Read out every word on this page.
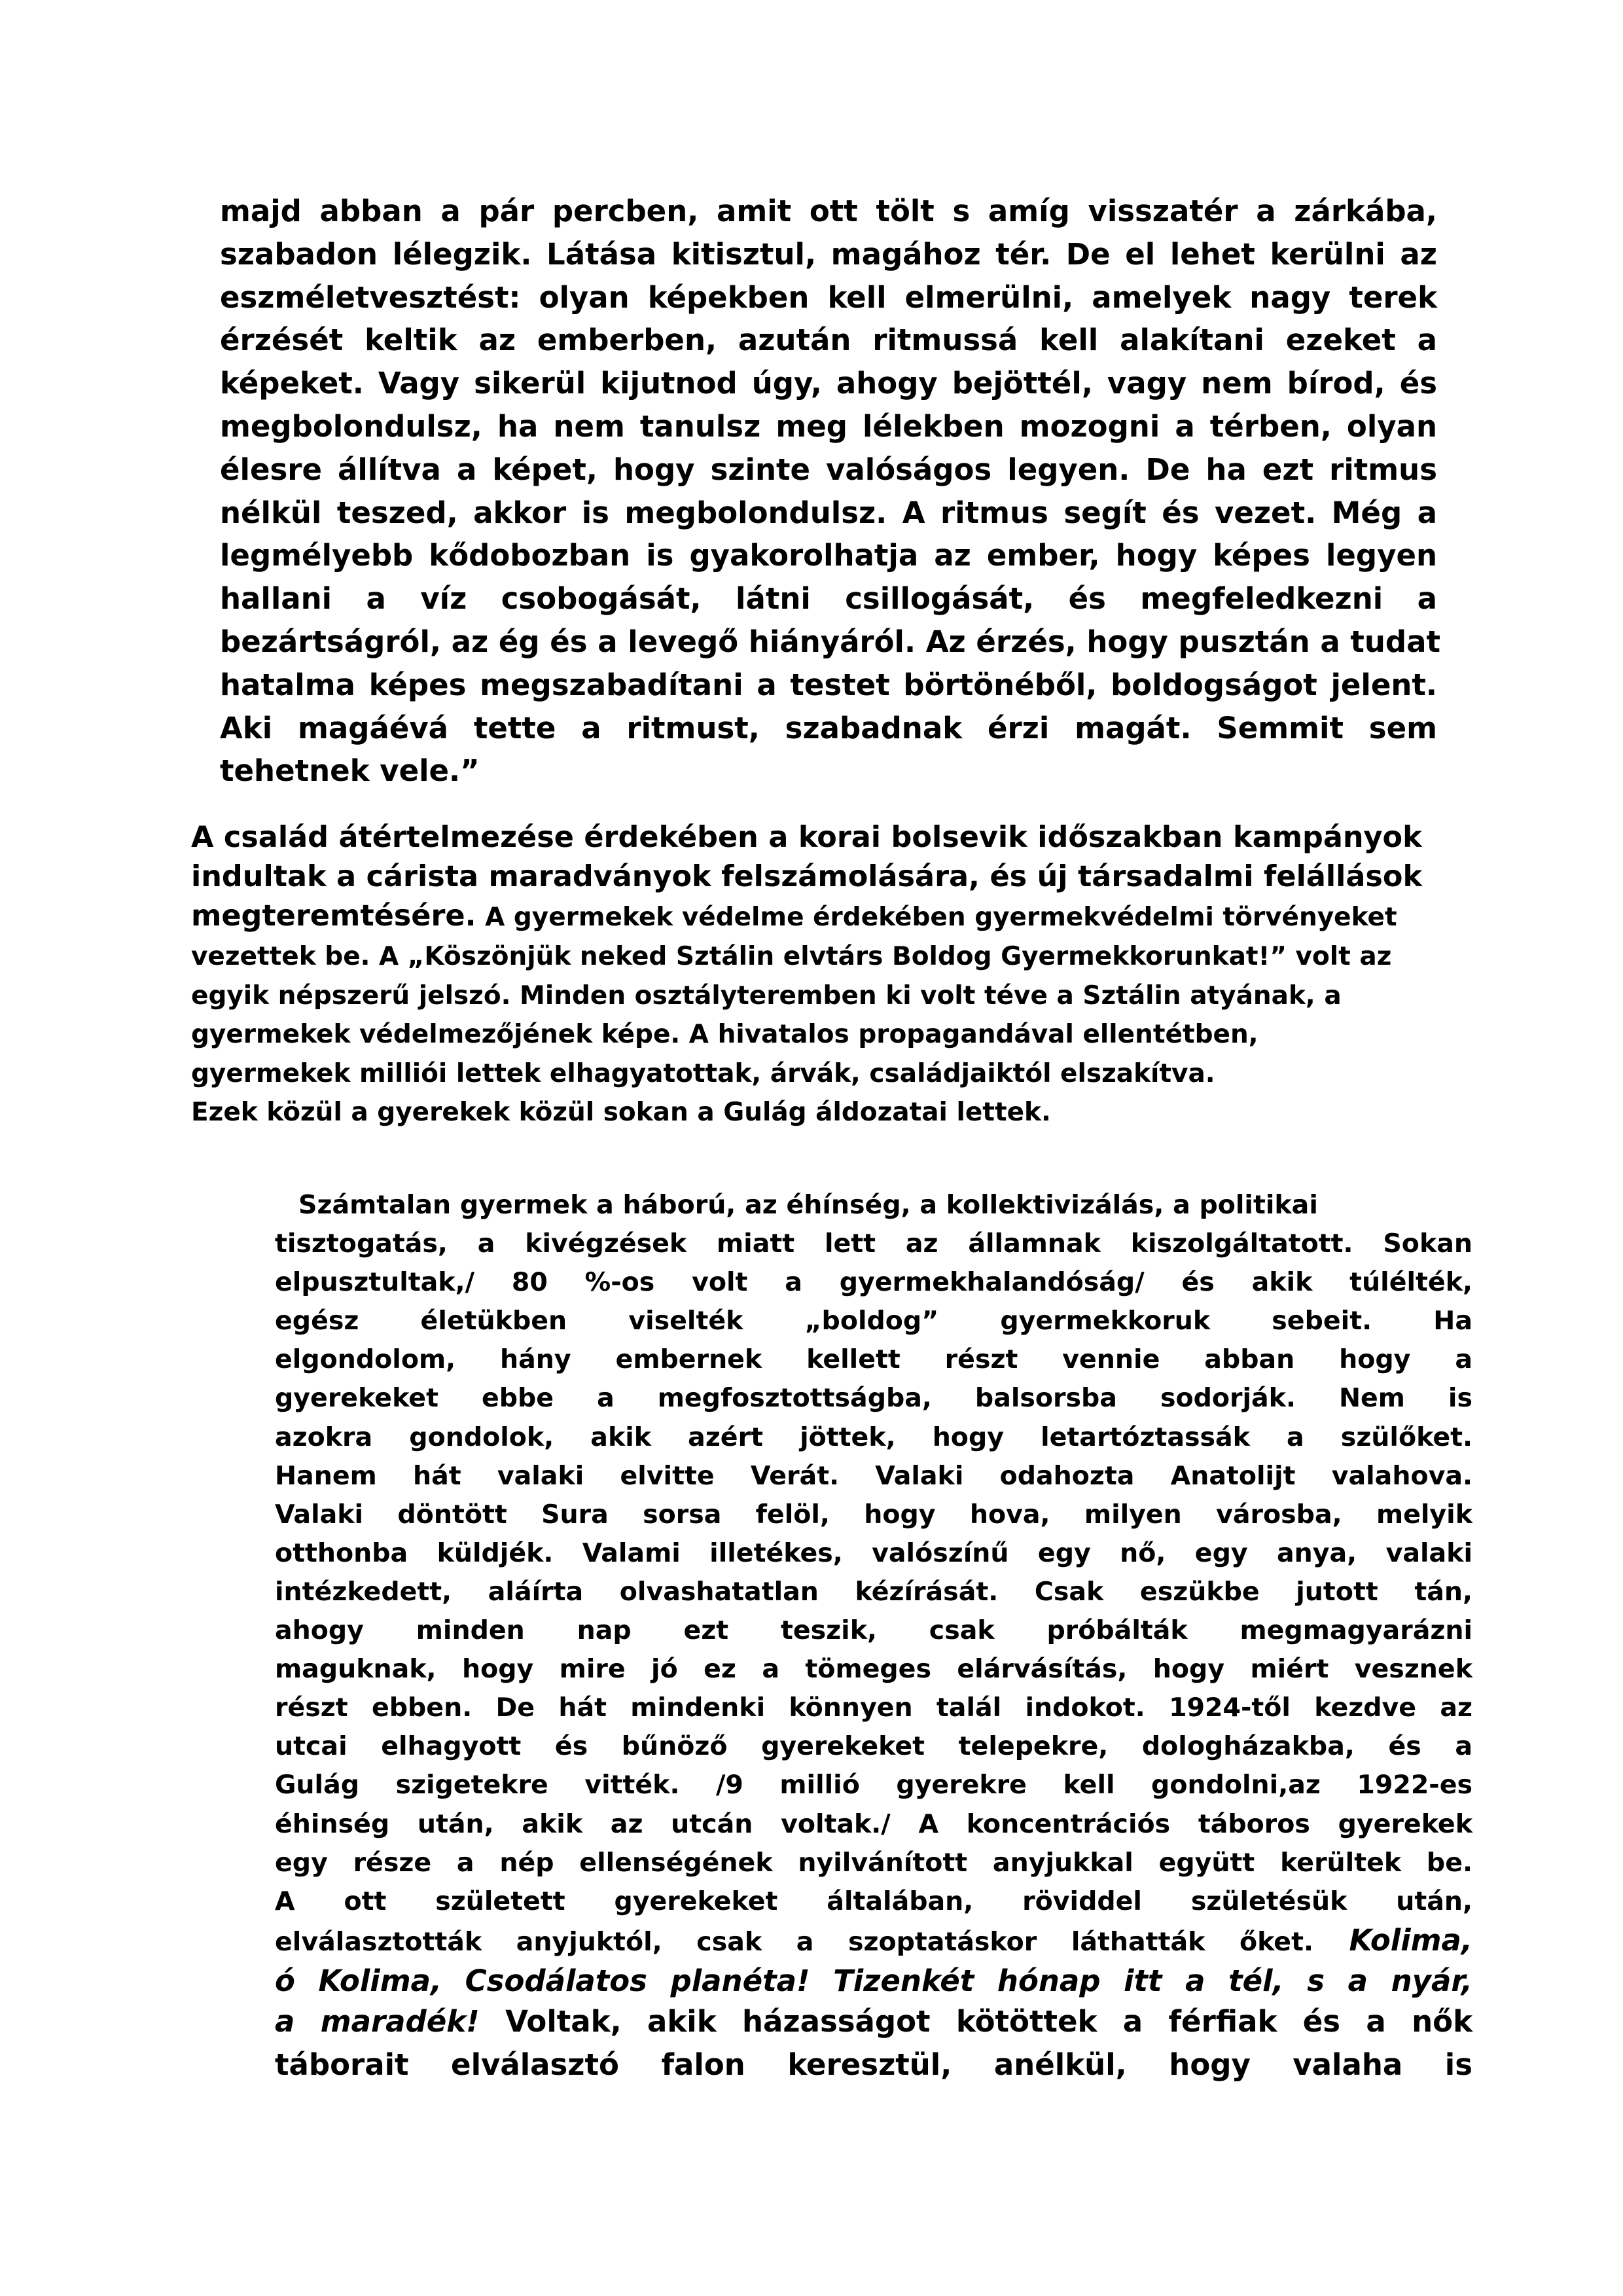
majd abban a pár percben, amit ott tölt s amíg visszatér a zárkába,
szabadon lélegzik. Látása kitisztul, magához tér. De el lehet kerülni az
eszméletvesztést: olyan képekben kell elmerülni, amelyek nagy terek
érzését keltik az emberben, azután ritmussá kell alakítani ezeket a
képeket. Vagy sikerül kijutnod úgy, ahogy bejöttél, vagy nem bírod, és
megbolondulsz, ha nem tanulsz meg lélekben mozogni a térben, olyan
élesre állítva a képet, hogy szinte valóságos legyen. De ha ezt ritmus
nélkül teszed, akkor is megbolondulsz. A ritmus segít és vezet. Még a
legmélyebb kődobozban is gyakorolhatja az ember, hogy képes legyen
hallani a víz csobogását, látni csillogását, és megfeledkezni a
bezártságról, az ég és a levegő hiányáról. Az érzés, hogy pusztán a tudat
hatalma képes megszabadítani a testet börtönéből, boldogságot jelent.
Aki magáévá tette a ritmust, szabadnak érzi magát. Semmit sem
tehetnek vele.”
A család átértelmezése érdekében a korai bolsevik időszakban kampányok
indultak a cárista maradványok felszámolására, és új társadalmi felállások
megteremtésére. A gyermekek védelme érdekében gyermekvédelmi törvényeket
vezettek be. A „Köszönjük neked Sztálin elvtárs Boldog Gyermekkorunkat!” volt az
egyik népszerű jelszó. Minden osztályteremben ki volt téve a Sztálin atyának, a
gyermekek védelmezőjének képe. A hivatalos propagandával ellentétben,
gyermekek milliói lettek elhagyatottak, árvák, családjaiktól elszakítva.
Ezek közül a gyerekek közül sokan a Gulág áldozatai lettek.
Számtalan gyermek a háború, az éhínség, a kollektivizálás, a politikai
tisztogatás, a kivégzések miatt lett az államnak kiszolgáltatott. Sokan
elpusztultak,/ 80 %-os volt a gyermekhalandóság/ és akik túlélték,
egész életükben viselték „boldog” gyermekkoruk sebeit. Ha
elgondolom, hány embernek kellett részt vennie abban hogy a
gyerekeket ebbe a megfosztottságba, balsorsba sodorják. Nem is
azokra gondolok, akik azért jöttek, hogy letartóztassák a szülőket.
Hanem hát valaki elvitte Verát. Valaki odahozta Anatolijt valahova.
Valaki döntött Sura sorsa felöl, hogy hova, milyen városba, melyik
otthonba küldjék. Valami illetékes, valószínű egy nő, egy anya, valaki
intézkedett, aláírta olvashatatlan kézírását. Csak eszükbe jutott tán,
ahogy minden nap ezt teszik, csak próbálták megmagyarázni
maguknak, hogy mire jó ez a tömeges elárvásítás, hogy miért vesznek
részt ebben. De hát mindenki könnyen talál indokot. 1924-től kezdve az
utcai elhagyott és bűnöző gyerekeket telepekre, dologházakba, és a
Gulág szigetekre vitték. /9 millió gyerekre kell gondolni,az 1922-es
éhinség után, akik az utcán voltak./ A koncentrációs táboros gyerekek
egy része a nép ellenségének nyilvánított anyjukkal együtt kerültek be.
A ott született gyerekeket általában, röviddel születésük után,
elválasztották anyjuktól, csak a szoptatáskor láthatták őket. Kolima,
ó Kolima, Csodálatos planéta! Tizenkét hónap itt a tél, s a nyár,
a maradék! Voltak, akik házasságot kötöttek a férfiak és a nők
táborait elválasztó falon keresztül, anélkül, hogy valaha is
